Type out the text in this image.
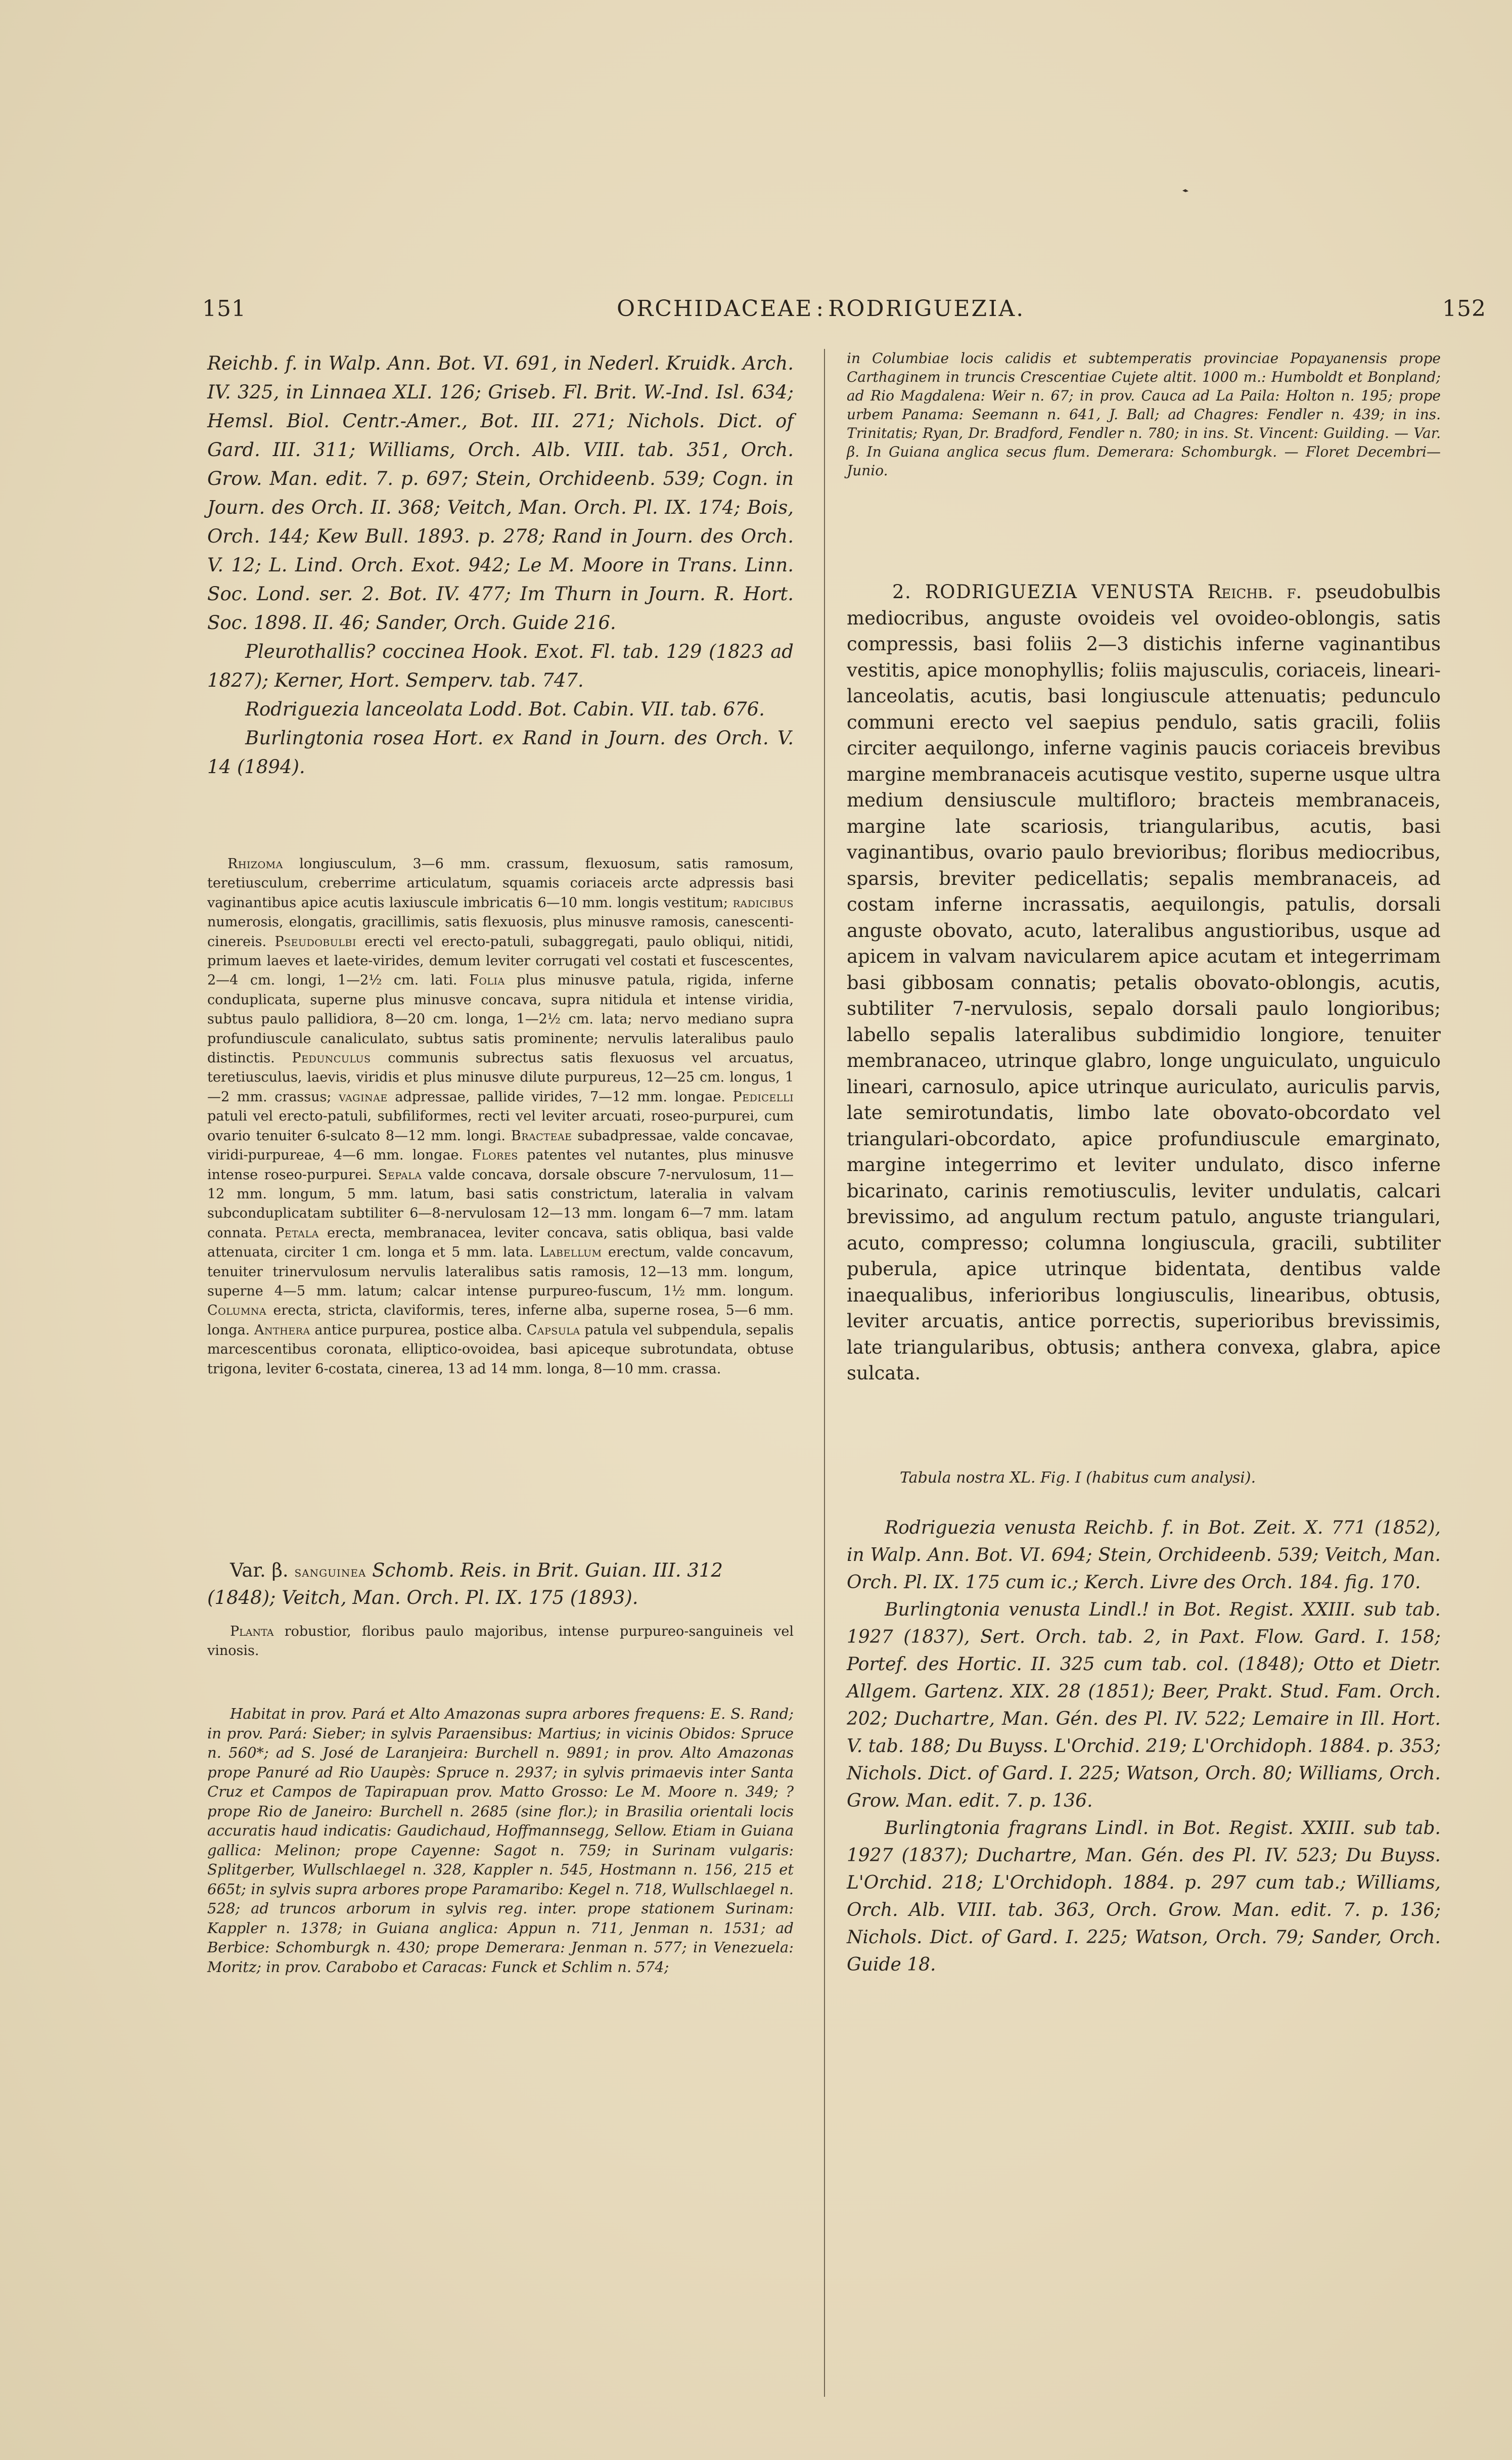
151	ORCHIDACEAE : RODRIGUEZIA.	152

Reichb. f. in Walp. Ann. Bot. VI. 691, in Nederl. Kruidk. Arch. IV. 325, in Linnaea XLI. 126; Griseb. Fl. Brit. W.-Ind. Isl. 634; Hemsl. Biol. Centr.-Amer., Bot. III. 271; Nichols. Dict. of Gard. III. 311; Williams, Orch. Alb. VIII. tab. 351, Orch. Grow. Man. edit. 7. p. 697; Stein, Orchideenb. 539; Cogn. in Journ. des Orch. II. 368; Veitch, Man. Orch. Pl. IX. 174; Bois, Orch. 144; Kew Bull. 1893. p. 278; Rand in Journ. des Orch. V. 12; L. Lind. Orch. Exot. 942; Le M. Moore in Trans. Linn. Soc. Lond. ser. 2. Bot. IV. 477; Im Thurn in Journ. R. Hort. Soc. 1898. II. 46; Sander, Orch. Guide 216.

Pleurothallis? coccinea Hook. Exot. Fl. tab. 129 (1823 ad 1827); Kerner, Hort. Semperv. tab. 747.

Rodriguezia lanceolata Lodd. Bot. Cabin. VII. tab. 676.

Burlingtonia rosea Hort. ex Rand in Journ. des Orch. V. 14 (1894).

Rhizoma longiusculum, 3—6 mm. crassum, flexuosum, satis ramosum, teretiusculum, creberrime articulatum, squamis coriaceis arcte adpressis basi vaginantibus apice acutis laxiuscule imbricatis 6—10 mm. longis vestitum; radicibus numerosis, elongatis, gracillimis, satis flexuosis, plus minusve ramosis, canescenti-cinereis. Pseudobulbi erecti vel erecto-patuli, subaggregati, paulo obliqui, nitidi, primum laeves et laete-virides, demum leviter corrugati vel costati et fuscescentes, 2—4 cm. longi, 1—2½ cm. lati. Folia plus minusve patula, rigida, inferne conduplicata, superne plus minusve concava, supra nitidula et intense viridia, subtus paulo pallidiora, 8—20 cm. longa, 1—2½ cm. lata; nervo mediano supra profundiuscule canaliculato, subtus satis prominente; nervulis lateralibus paulo distinctis. Pedunculus communis subrectus satis flexuosus vel arcuatus, teretiusculus, laevis, viridis et plus minusve dilute purpureus, 12—25 cm. longus, 1—2 mm. crassus; vaginae adpressae, pallide virides, 7—12 mm. longae. Pedicelli patuli vel erecto-patuli, subfiliformes, recti vel leviter arcuati, roseo-purpurei, cum ovario tenuiter 6-sulcato 8—12 mm. longi. Bracteae subadpressae, valde concavae, viridi-purpureae, 4—6 mm. longae. Flores patentes vel nutantes, plus minusve intense roseo-purpurei. Sepala valde concava, dorsale obscure 7-nervulosum, 11—12 mm. longum, 5 mm. latum, basi satis constrictum, lateralia in valvam subconduplicatam subtiliter 6—8-nervulosam 12—13 mm. longam 6—7 mm. latam connata. Petala erecta, membranacea, leviter concava, satis obliqua, basi valde attenuata, circiter 1 cm. longa et 5 mm. lata. Labellum erectum, valde concavum, tenuiter trinervulosum nervulis lateralibus satis ramosis, 12—13 mm. longum, superne 4—5 mm. latum; calcar intense purpureo-fuscum, 1½ mm. longum. Columna erecta, stricta, claviformis, teres, inferne alba, superne rosea, 5—6 mm. longa. Anthera antice purpurea, postice alba. Capsula patula vel subpendula, sepalis marcescentibus coronata, elliptico-ovoidea, basi apiceque subrotundata, obtuse trigona, leviter 6-costata, cinerea, 13 ad 14 mm. longa, 8—10 mm. crassa.

Var. β. sanguinea Schomb. Reis. in Brit. Guian. III. 312 (1848); Veitch, Man. Orch. Pl. IX. 175 (1893).

Planta robustior, floribus paulo majoribus, intense purpureo-sanguineis vel vinosis.

Habitat in prov. Pará et Alto Amazonas supra arbores frequens: E. S. Rand; in prov. Pará: Sieber; in sylvis Paraensibus: Martius; in vicinis Obidos: Spruce n. 560*; ad S. José de Laranjeira: Burchell n. 9891; in prov. Alto Amazonas prope Panuré ad Rio Uaupès: Spruce n. 2937; in sylvis primaevis inter Santa Cruz et Campos de Tapirapuan prov. Matto Grosso: Le M. Moore n. 349; ?prope Rio de Janeiro: Burchell n. 2685 (sine flor.); in Brasilia orientali locis accuratis haud indicatis: Gaudichaud, Hoffmannsegg, Sellow. Etiam in Guiana gallica: Melinon; prope Cayenne: Sagot n. 759; in Surinam vulgaris: Splitgerber, Wullschlaegel n. 328, Kappler n. 545, Hostmann n. 156, 215 et 665t; in sylvis supra arbores prope Paramaribo: Kegel n. 718, Wullschlaegel n. 528; ad truncos arborum in sylvis reg. inter. prope stationem Surinam: Kappler n. 1378; in Guiana anglica: Appun n. 711, Jenman n. 1531; ad Berbice: Schomburgk n. 430; prope Demerara: Jenman n. 577; in Venezuela: Moritz; in prov. Carabobo et Caracas: Funck et Schlim n. 574;

in Columbiae locis calidis et subtemperatis provinciae Popayanensis prope Carthaginem in truncis Crescentiae Cujete altit. 1000 m.: Humboldt et Bonpland; ad Rio Magdalena: Weir n. 67; in prov. Cauca ad La Paila: Holton n. 195; prope urbem Panama: Seemann n. 641, J. Ball; ad Chagres: Fendler n. 439; in ins. Trinitatis; Ryan, Dr. Bradford, Fendler n. 780; in ins. St. Vincent: Guilding. — Var. β. In Guiana anglica secus flum. Demerara: Schomburgk. — Floret Decembri—Junio.

2. RODRIGUEZIA VENUSTA Reichb. f. pseudobulbis mediocribus, anguste ovoideis vel ovoideo-oblongis, satis compressis, basi foliis 2—3 distichis inferne vaginantibus vestitis, apice monophyllis; foliis majusculis, coriaceis, lineari-lanceolatis, acutis, basi longiuscule attenuatis; pedunculo communi erecto vel saepius pendulo, satis gracili, foliis circiter aequilongo, inferne vaginis paucis coriaceis brevibus margine membranaceis acutisque vestito, superne usque ultra medium densiuscule multifloro; bracteis membranaceis, margine late scariosis, triangularibus, acutis, basi vaginantibus, ovario paulo brevioribus; floribus mediocribus, sparsis, breviter pedicellatis; sepalis membranaceis, ad costam inferne incrassatis, aequilongis, patulis, dorsali anguste obovato, acuto, lateralibus angustioribus, usque ad apicem in valvam navicularem apice acutam et integerrimam basi gibbosam connatis; petalis obovato-oblongis, acutis, subtiliter 7-nervulosis, sepalo dorsali paulo longioribus; labello sepalis lateralibus subdimidio longiore, tenuiter membranaceo, utrinque glabro, longe unguiculato, unguiculo lineari, carnosulo, apice utrinque auriculato, auriculis parvis, late semirotundatis, limbo late obovato-obcordato vel triangulari-obcordato, apice profundiuscule emarginato, margine integerrimo et leviter undulato, disco inferne bicarinato, carinis remotiusculis, leviter undulatis, calcari brevissimo, ad angulum rectum patulo, anguste triangulari, acuto, compresso; columna longiuscula, gracili, subtiliter puberula, apice utrinque bidentata, dentibus valde inaequalibus, inferioribus longiusculis, linearibus, obtusis, leviter arcuatis, antice porrectis, superioribus brevissimis, late triangularibus, obtusis; anthera convexa, glabra, apice sulcata.

Tabula nostra XL. Fig. I (habitus cum analysi).

Rodriguezia venusta Reichb. f. in Bot. Zeit. X. 771 (1852), in Walp. Ann. Bot. VI. 694; Stein, Orchideenb. 539; Veitch, Man. Orch. Pl. IX. 175 cum ic.; Kerch. Livre des Orch. 184. fig. 170.

Burlingtonia venusta Lindl.! in Bot. Regist. XXIII. sub tab. 1927 (1837), Sert. Orch. tab. 2, in Paxt. Flow. Gard. I. 158; Portef. des Hortic. II. 325 cum tab. col. (1848); Otto et Dietr. Allgem. Gartenz. XIX. 28 (1851); Beer, Prakt. Stud. Fam. Orch. 202; Duchartre, Man. Gén. des Pl. IV. 522; Lemaire in Ill. Hort. V. tab. 188; Du Buyss. L'Orchid. 219; L'Orchidoph. 1884. p. 353; Nichols. Dict. of Gard. I. 225; Watson, Orch. 80; Williams, Orch. Grow. Man. edit. 7. p. 136.

Burlingtonia fragrans Lindl. in Bot. Regist. XXIII. sub tab. 1927 (1837); Duchartre, Man. Gén. des Pl. IV. 523; Du Buyss. L'Orchid. 218; L'Orchidoph. 1884. p. 297 cum tab.; Williams, Orch. Alb. VIII. tab. 363, Orch. Grow. Man. edit. 7. p. 136; Nichols. Dict. of Gard. I. 225; Watson, Orch. 79; Sander, Orch. Guide 18.
